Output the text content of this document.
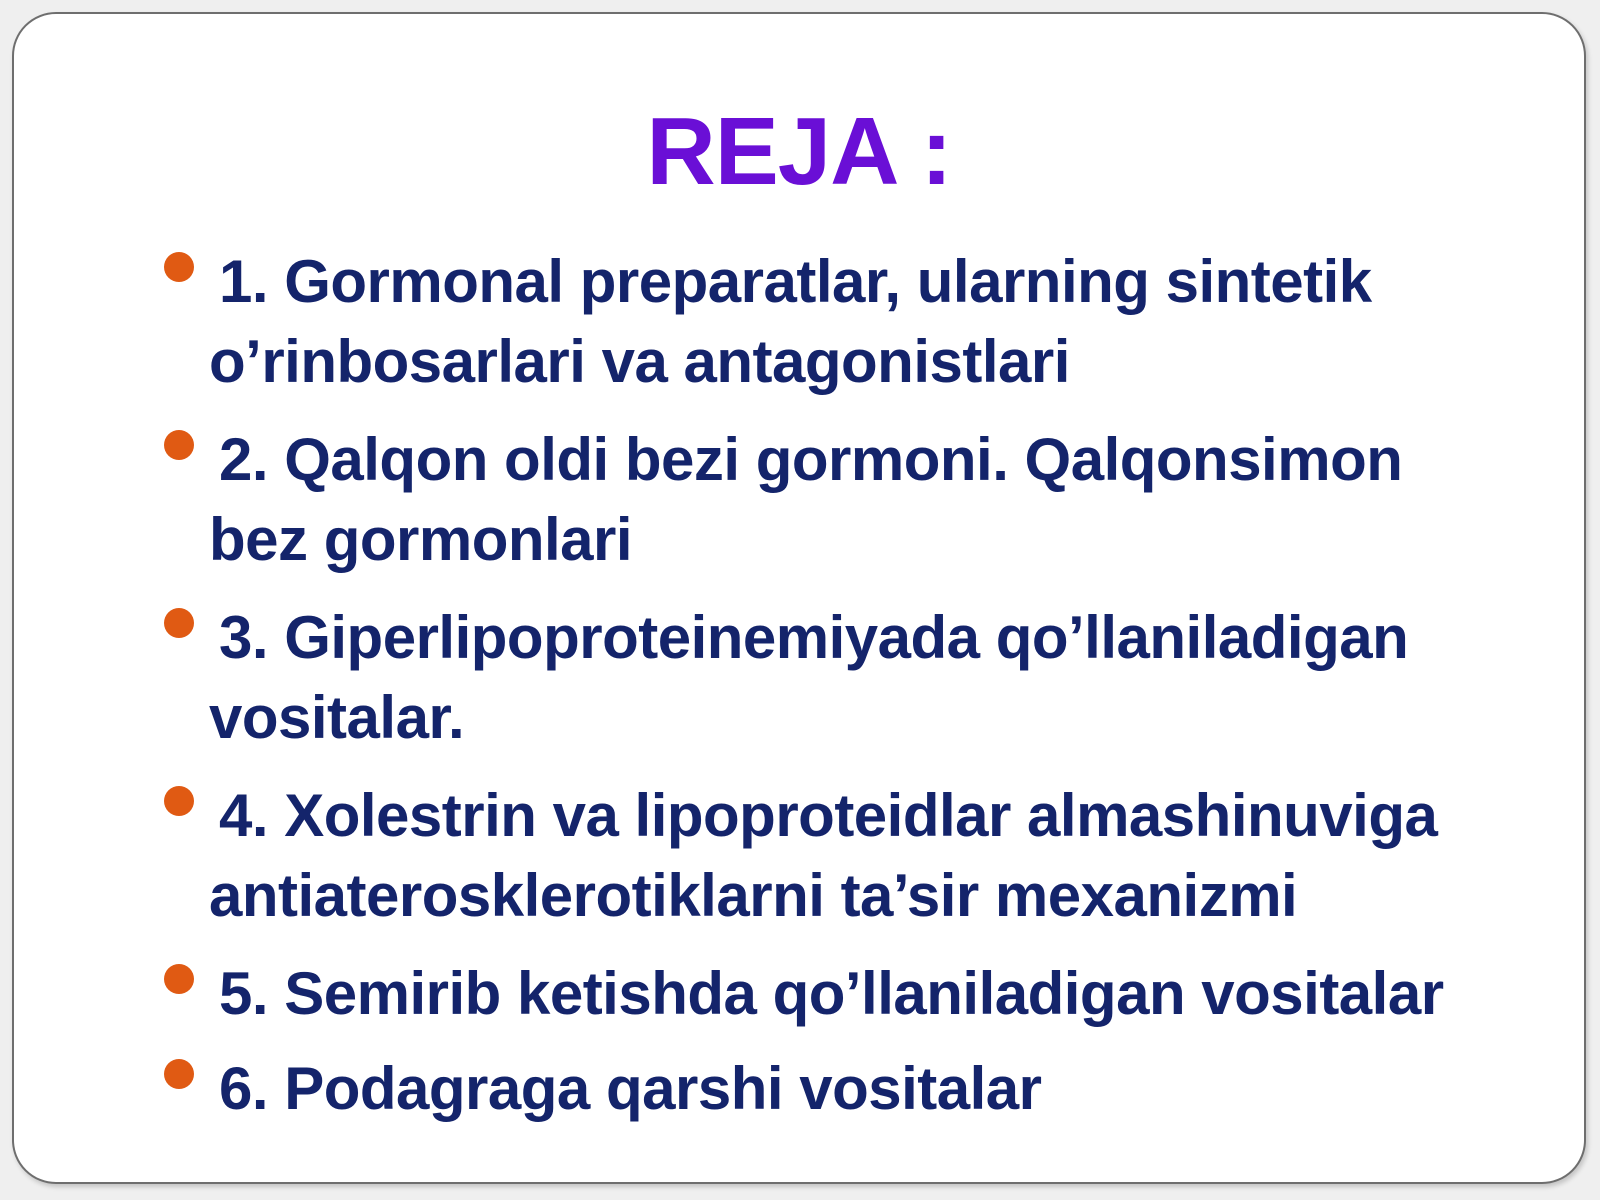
REJA :
1. Gormonal preparatlar, ularning sintetik o’rinbosarlari va antagonistlari
2. Qalqon oldi bezi gormoni. Qalqonsimon bez gormonlari
3. Giperlipoproteinemiyada qo’llaniladigan vositalar.
4. Xolestrin va lipoproteidlar almashinuviga antiaterosklerotiklarni ta’sir mexanizmi
5. Semirib ketishda qo’llaniladigan vositalar
6. Podagraga qarshi vositalar
